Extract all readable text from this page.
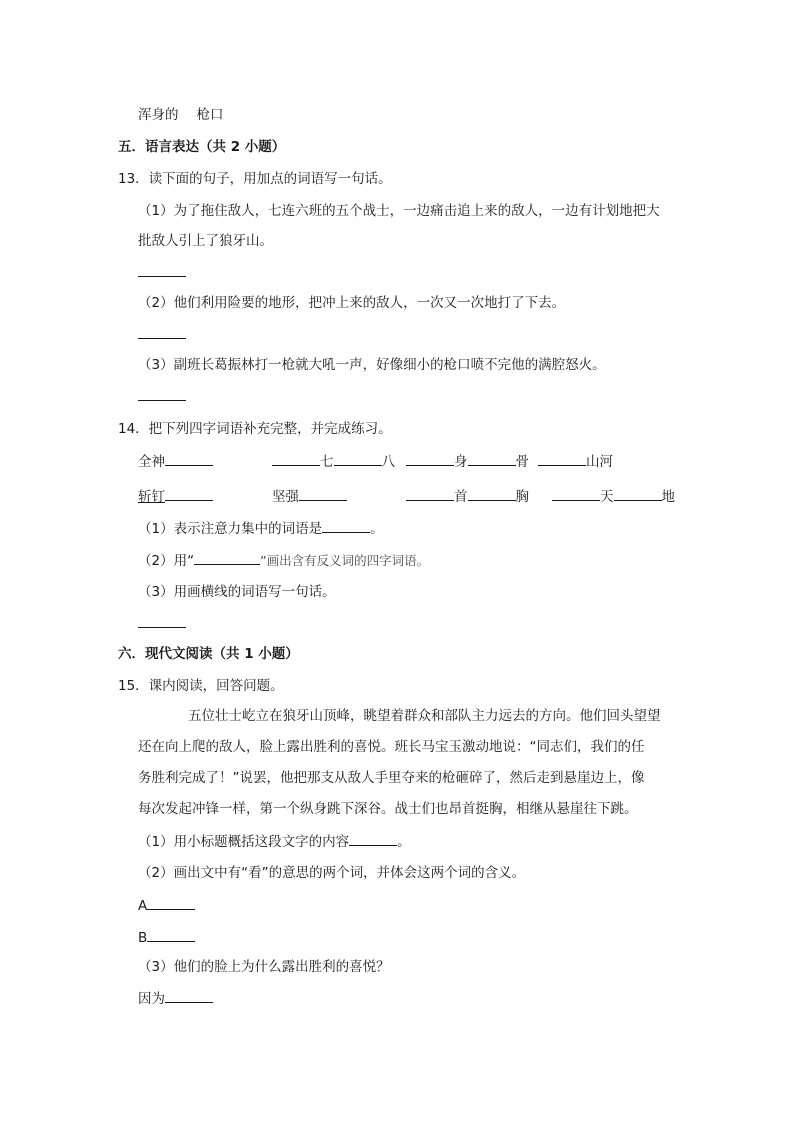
浑身的 枪口
五．语言表达（共 2 小题）
13．读下面的句子，用加点的词语写一句话。
（1）为了拖住敌人，七连六班的五个战士，一边痛击追上来的敌人，一边有计划地把大
批敌人引上了狼牙山。
（2）他们利用险要的地形，把冲上来的敌人，一次又一次地打了下去。
（3）副班长葛振林打一枪就大吼一声，好像细小的枪口喷不完他的满腔怒火。
14．把下列四字词语补充完整，并完成练习。
全神	七	八	身	骨	山河
斩钉	坚强	首	胸	天	地
（1）表示注意力集中的词语是	。
（2）用“	”画出含有反义词的四字词语。
（3）用画横线的词语写一句话。
六．现代文阅读（共 1 小题）
15．课内阅读，回答问题。
五位壮士屹立在狼牙山顶峰，眺望着群众和部队主力远去的方向。他们回头望望
还在向上爬的敌人，脸上露出胜利的喜悦。班长马宝玉激动地说：“同志们，我们的任
务胜利完成了！”说罢，他把那支从敌人手里夺来的枪砸碎了，然后走到悬崖边上，像
每次发起冲锋一样，第一个纵身跳下深谷。战士们也昂首挺胸，相继从悬崖往下跳。
（1）用小标题概括这段文字的内容	。
（2）画出文中有“看”的意思的两个词，并体会这两个词的含义。
A
B
（3）他们的脸上为什么露出胜利的喜悦？
因为
